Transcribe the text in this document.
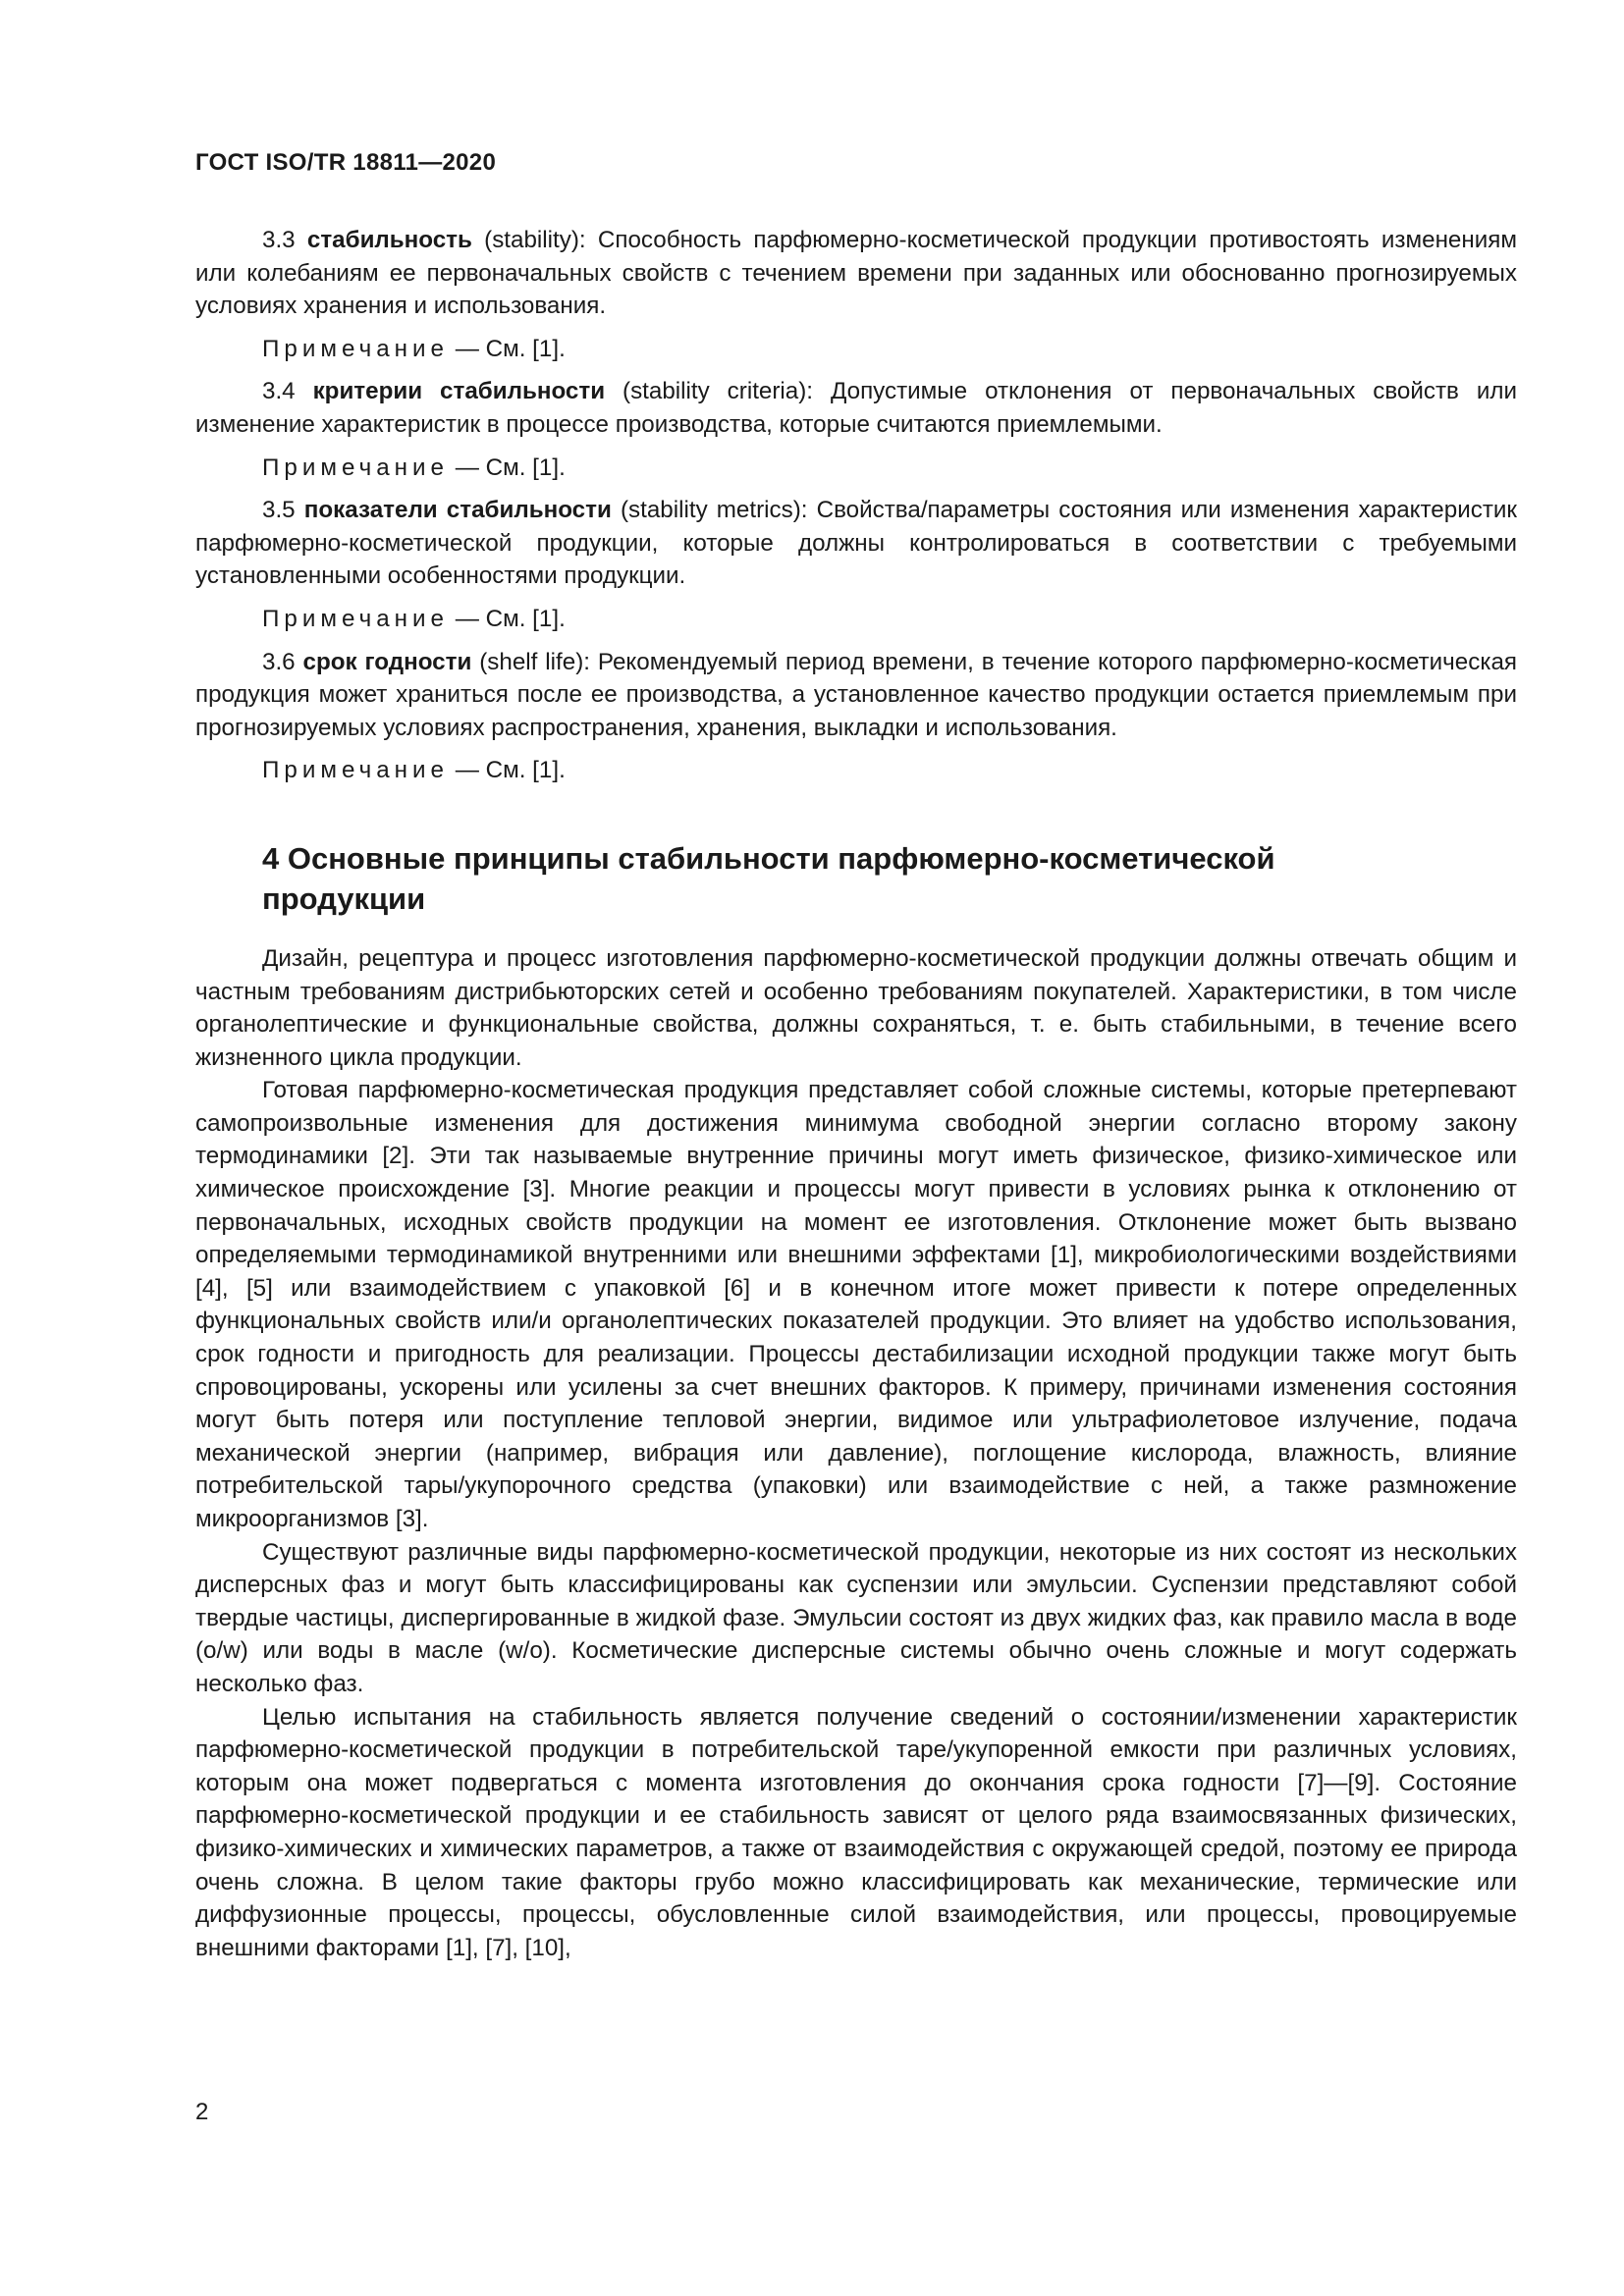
ГОСТ ISO/TR 18811—2020

3.3 стабильность (stability): Способность парфюмерно-косметической продукции противостоять изменениям или колебаниям ее первоначальных свойств с течением времени при заданных или обоснованно прогнозируемых условиях хранения и использования.

Примечание — См. [1].

3.4 критерии стабильности (stability criteria): Допустимые отклонения от первоначальных свойств или изменение характеристик в процессе производства, которые считаются приемлемыми.

Примечание — См. [1].

3.5 показатели стабильности (stability metrics): Свойства/параметры состояния или изменения характеристик парфюмерно-косметической продукции, которые должны контролироваться в соответствии с требуемыми установленными особенностями продукции.

Примечание — См. [1].

3.6 срок годности (shelf life): Рекомендуемый период времени, в течение которого парфюмерно-косметическая продукция может храниться после ее производства, а установленное качество продукции остается приемлемым при прогнозируемых условиях распространения, хранения, выкладки и использования.

Примечание — См. [1].

4 Основные принципы стабильности парфюмерно-косметической продукции

Дизайн, рецептура и процесс изготовления парфюмерно-косметической продукции должны отвечать общим и частным требованиям дистрибьюторских сетей и особенно требованиям покупателей. Характеристики, в том числе органолептические и функциональные свойства, должны сохраняться, т. е. быть стабильными, в течение всего жизненного цикла продукции.

Готовая парфюмерно-косметическая продукция представляет собой сложные системы, которые претерпевают самопроизвольные изменения для достижения минимума свободной энергии согласно второму закону термодинамики [2]. Эти так называемые внутренние причины могут иметь физическое, физико-химическое или химическое происхождение [3]. Многие реакции и процессы могут привести в условиях рынка к отклонению от первоначальных, исходных свойств продукции на момент ее изготовления. Отклонение может быть вызвано определяемыми термодинамикой внутренними или внешними эффектами [1], микробиологическими воздействиями [4], [5] или взаимодействием с упаковкой [6] и в конечном итоге может привести к потере определенных функциональных свойств или/и органолептических показателей продукции. Это влияет на удобство использования, срок годности и пригодность для реализации. Процессы дестабилизации исходной продукции также могут быть спровоцированы, ускорены или усилены за счет внешних факторов. К примеру, причинами изменения состояния могут быть потеря или поступление тепловой энергии, видимое или ультрафиолетовое излучение, подача механической энергии (например, вибрация или давление), поглощение кислорода, влажность, влияние потребительской тары/укупорочного средства (упаковки) или взаимодействие с ней, а также размножение микроорганизмов [3].

Существуют различные виды парфюмерно-косметической продукции, некоторые из них состоят из нескольких дисперсных фаз и могут быть классифицированы как суспензии или эмульсии. Суспензии представляют собой твердые частицы, диспергированные в жидкой фазе. Эмульсии состоят из двух жидких фаз, как правило масла в воде (o/w) или воды в масле (w/o). Косметические дисперсные системы обычно очень сложные и могут содержать несколько фаз.

Целью испытания на стабильность является получение сведений о состоянии/изменении характеристик парфюмерно-косметической продукции в потребительской таре/укупоренной емкости при различных условиях, которым она может подвергаться с момента изготовления до окончания срока годности [7]—[9]. Состояние парфюмерно-косметической продукции и ее стабильность зависят от целого ряда взаимосвязанных физических, физико-химических и химических параметров, а также от взаимодействия с окружающей средой, поэтому ее природа очень сложна. В целом такие факторы грубо можно классифицировать как механические, термические или диффузионные процессы, процессы, обусловленные силой взаимодействия, или процессы, провоцируемые внешними факторами [1], [7], [10],

2
